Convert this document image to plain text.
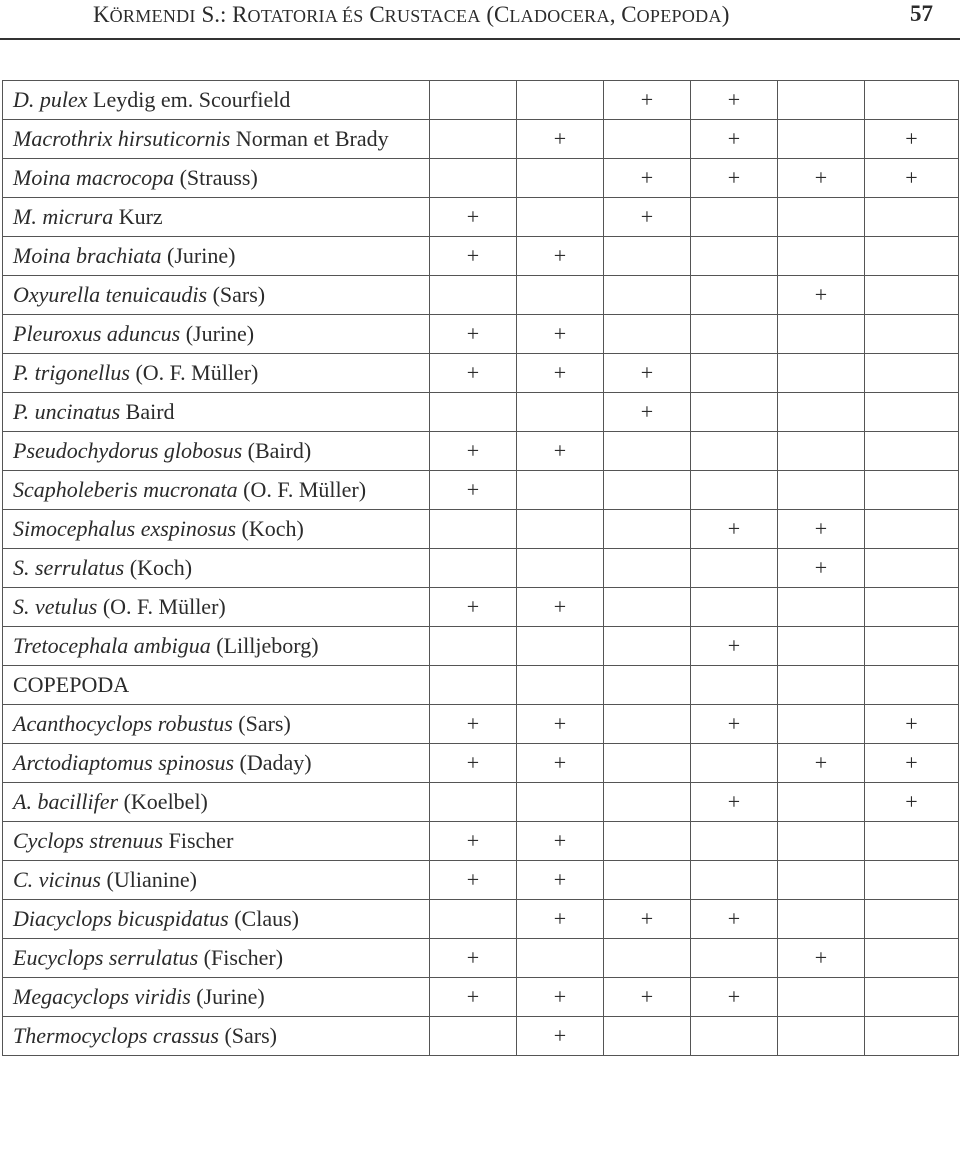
KÖRMENDI S.: ROTATORIA ÉS CRUSTACEA (CLADOCERA, COPEPODA)	57
D. pulex Leydig em. Scourfield			+	+		
Macrothrix hirsuticornis Norman et Brady		+		+		+
Moina macrocopa (Strauss)			+	+	+	+
M. micrura Kurz	+		+			
Moina brachiata (Jurine)	+	+				
Oxyurella tenuicaudis (Sars)					+	
Pleuroxus aduncus (Jurine)	+	+				
P. trigonellus (O. F. Müller)	+	+	+			
P. uncinatus Baird			+			
Pseudochydorus globosus (Baird)	+	+				
Scapholeberis mucronata (O. F. Müller)	+					
Simocephalus exspinosus (Koch)				+	+	
S. serrulatus (Koch)					+	
S. vetulus (O. F. Müller)	+	+				
Tretocephala ambigua (Lilljeborg)				+		
COPEPODA						
Acanthocyclops robustus (Sars)	+	+		+		+
Arctodiaptomus spinosus (Daday)	+	+			+	+
A. bacillifer (Koelbel)				+		+
Cyclops strenuus Fischer	+	+				
C. vicinus (Ulianine)	+	+				
Diacyclops bicuspidatus (Claus)		+	+	+		
Eucyclops serrulatus (Fischer)	+				+	
Megacyclops viridis (Jurine)	+	+	+	+		
Thermocyclops crassus (Sars)		+				
